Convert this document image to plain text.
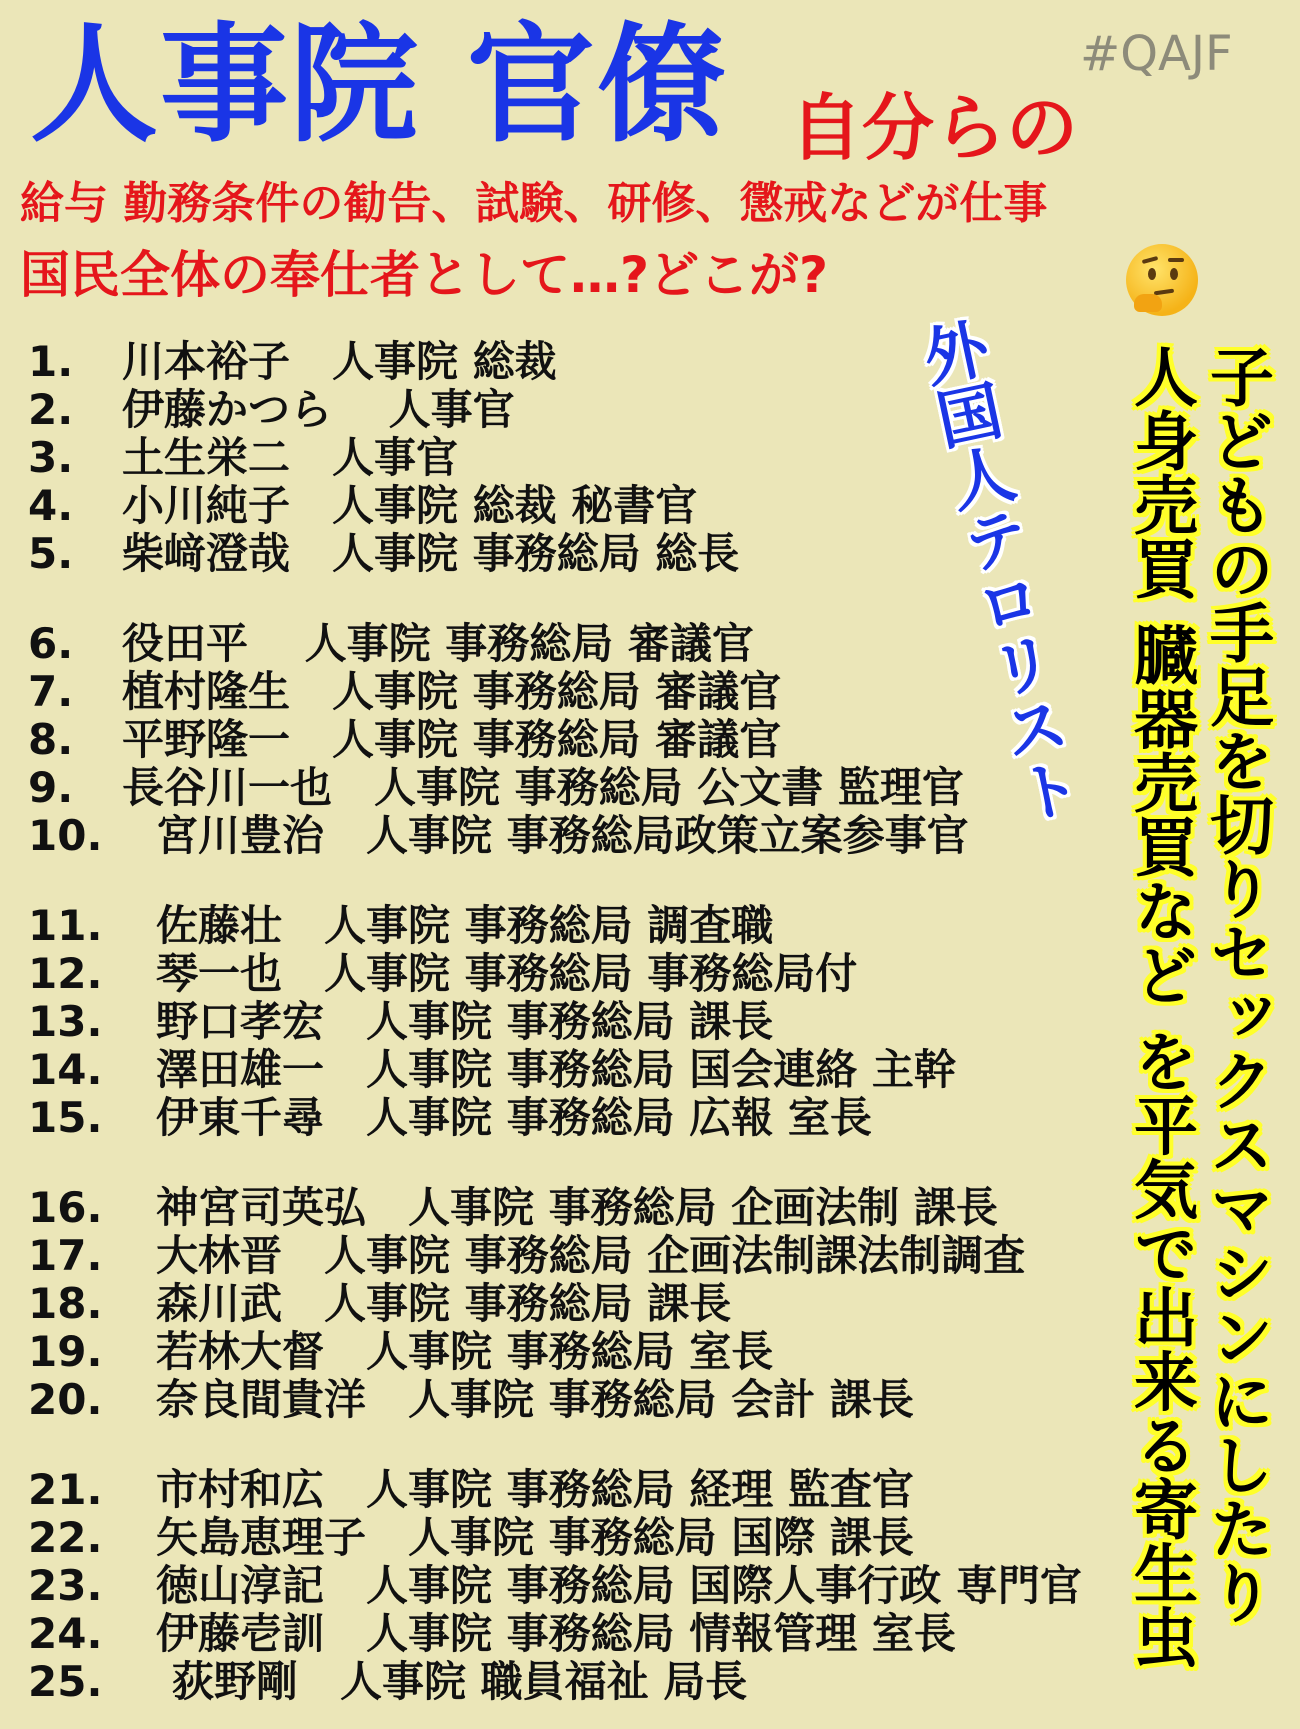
人事院 官僚 自分らの
#QAJF
給与 勤務条件の勧告、試験、研修、懲戒などが仕事
国民全体の奉仕者として…?どこが?
1. 川本裕子　人事院 総裁
2. 伊藤かつら　 人事官
3. 土生栄二　人事官
4. 小川純子　人事院 総裁 秘書官
5. 柴﨑澄哉　人事院 事務総局 総長
6. 役田平　 人事院 事務総局 審議官
7. 植村隆生　人事院 事務総局 審議官
8. 平野隆一　人事院 事務総局 審議官
9. 長谷川一也　人事院 事務総局 公文書 監理官
10. 宮川豊治　人事院 事務総局政策立案参事官
11. 佐藤壮　人事院 事務総局 調査職
12. 琴一也　人事院 事務総局 事務総局付
13. 野口孝宏　人事院 事務総局 課長
14. 澤田雄一　人事院 事務総局 国会連絡 主幹
15. 伊東千尋　人事院 事務総局 広報 室長
16. 神宮司英弘　人事院 事務総局 企画法制 課長
17. 大林晋　人事院 事務総局 企画法制課法制調査
18. 森川武　人事院 事務総局 課長
19. 若林大督　人事院 事務総局 室長
20. 奈良間貴洋　人事院 事務総局 会計 課長
21. 市村和広　人事院 事務総局 経理 監査官
22. 矢島恵理子　人事院 事務総局 国際 課長
23. 徳山淳記　人事院 事務総局 国際人事行政 専門官
24. 伊藤壱訓　人事院 事務総局 情報管理 室長
25. 荻野剛　人事院 職員福祉 局長
外国人テロリスト 子どもの手足を切りセックスマシンにしたり
人身売買 臓器売買など を平気で出来る寄生虫
